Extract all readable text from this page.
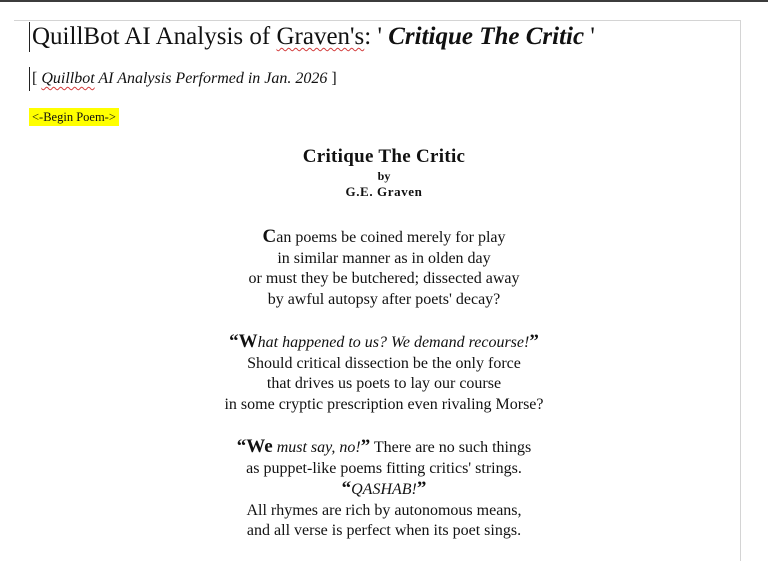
QuillBot AI Analysis of Graven's: ' Critique The Critic '
[ Quillbot AI Analysis Performed in Jan. 2026 ]
<-Begin Poem->
Critique The Critic
by
G.E. Graven
Can poems be coined merely for play
in similar manner as in olden day
or must they be butchered; dissected away
by awful autopsy after poets' decay?
“What happened to us? We demand recourse!”
Should critical dissection be the only force
that drives us poets to lay our course
in some cryptic prescription even rivaling Morse?
“We must say, no!” There are no such things
as puppet-like poems fitting critics' strings.
“QASHAB!”
All rhymes are rich by autonomous means,
and all verse is perfect when its poet sings.
